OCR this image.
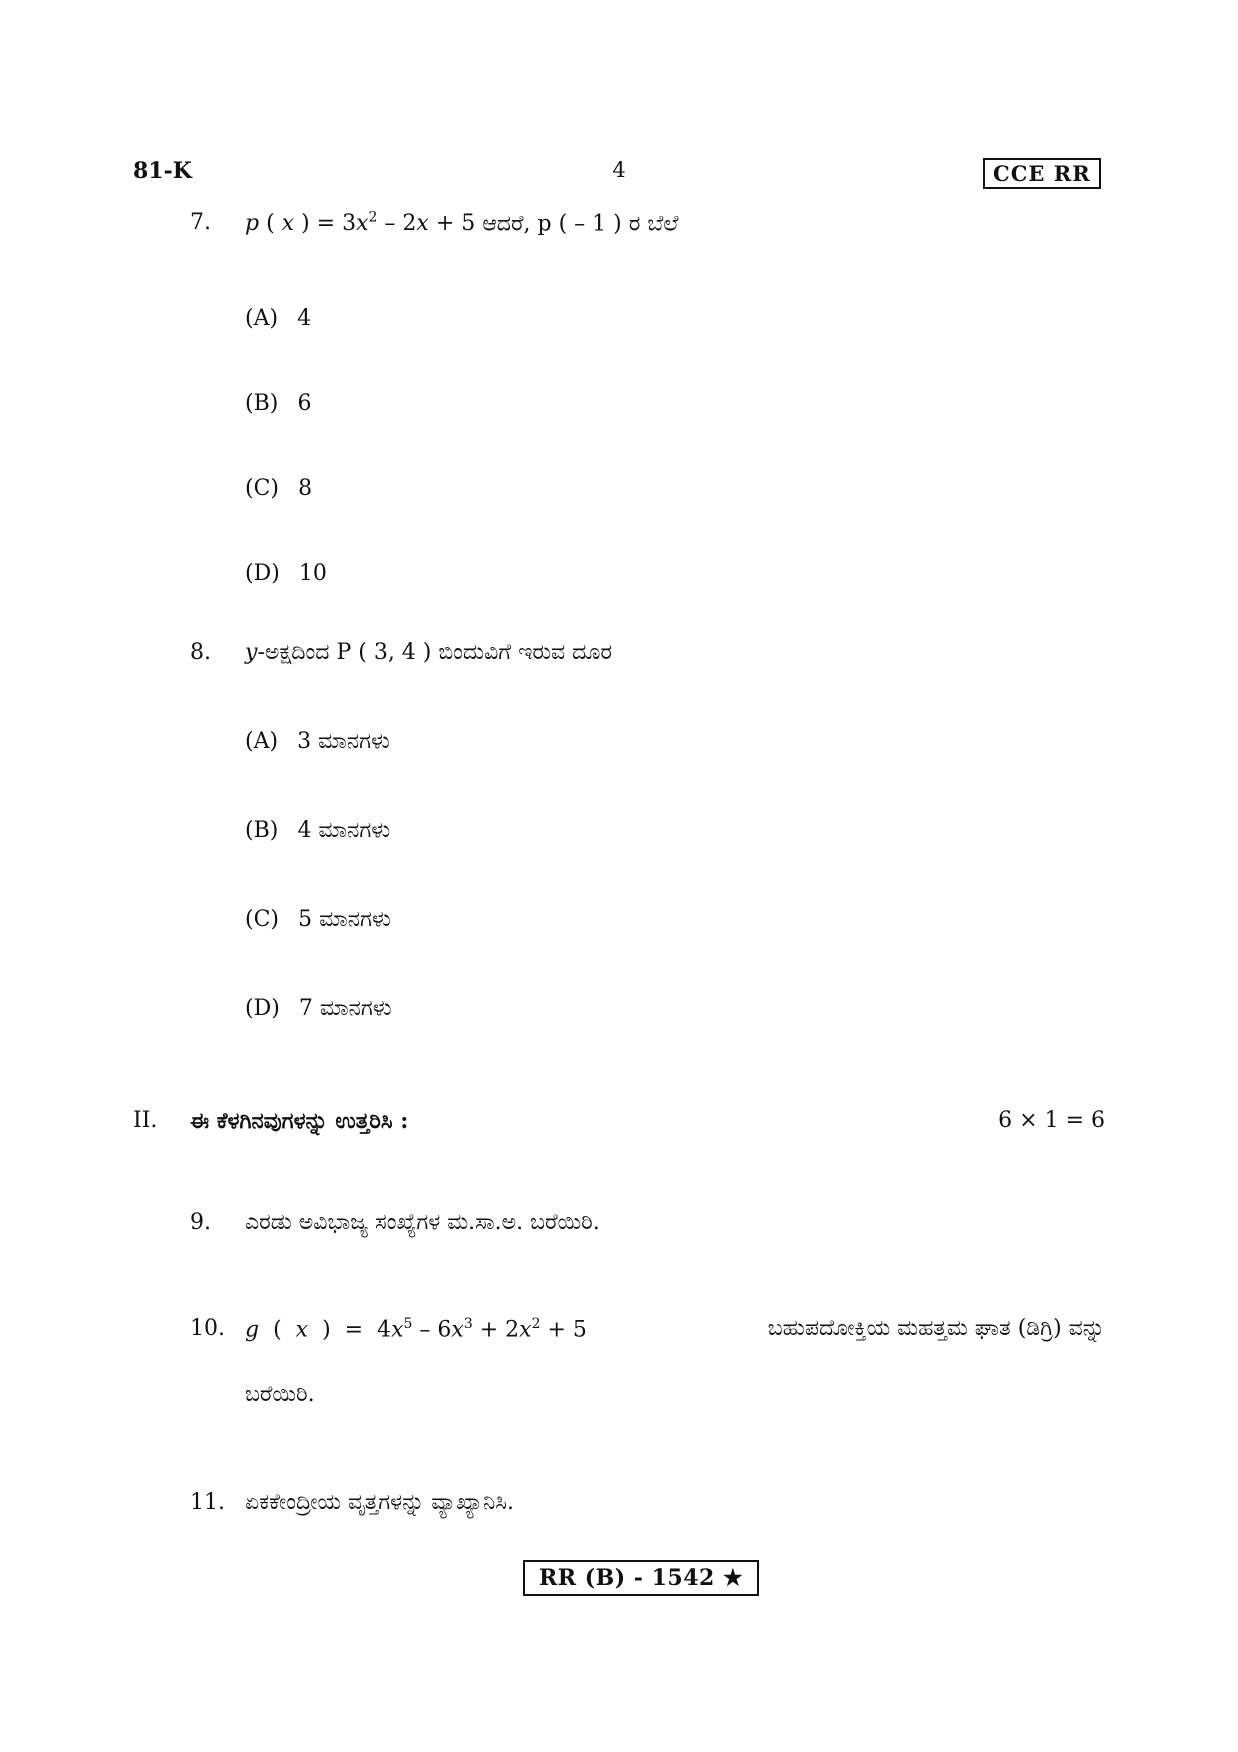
81-K	4	CCE RR
7. p ( x ) = $3x^2 - 2x + 5$ ಆದರೆ, p ( – 1 ) ರ ಬೆಲೆ
(A) 4
(B) 6
(C) 8
(D) 10
8. y-ಅಕ್ಷದಿಂದ P ( 3, 4 ) ಬಿಂದುವಿಗೆ ಇರುವ ದೂರ
(A) 3 ಮಾನಗಳು
(B) 4 ಮಾನಗಳು
(C) 5 ಮಾನಗಳು
(D) 7 ಮಾನಗಳು
II. ಈ ಕೆಳಗಿನವುಗಳನ್ನು ಉತ್ತರಿಸಿ :	6 × 1 = 6
9. ಎರಡು ಅವಿಭಾಜ್ಯ ಸಂಖ್ಯೆಗಳ ಮ.ಸಾ.ಅ. ಬರೆಯಿರಿ.
10. g  (  x  )  =  $4x^5 - 6x^3 + 2x^2 + 5$	ಬಹುಪದೋಕ್ತಿಯ ಮಹತ್ತಮ ಘಾತ (ಡಿಗ್ರಿ) ವನ್ನು
ಬರೆಯಿರಿ.
11. ಏಕಕೇಂದ್ರೀಯ ವೃತ್ತಗಳನ್ನು ವ್ಯಾಖ್ಯಾನಿಸಿ.
RR (B) - 1542 ★
